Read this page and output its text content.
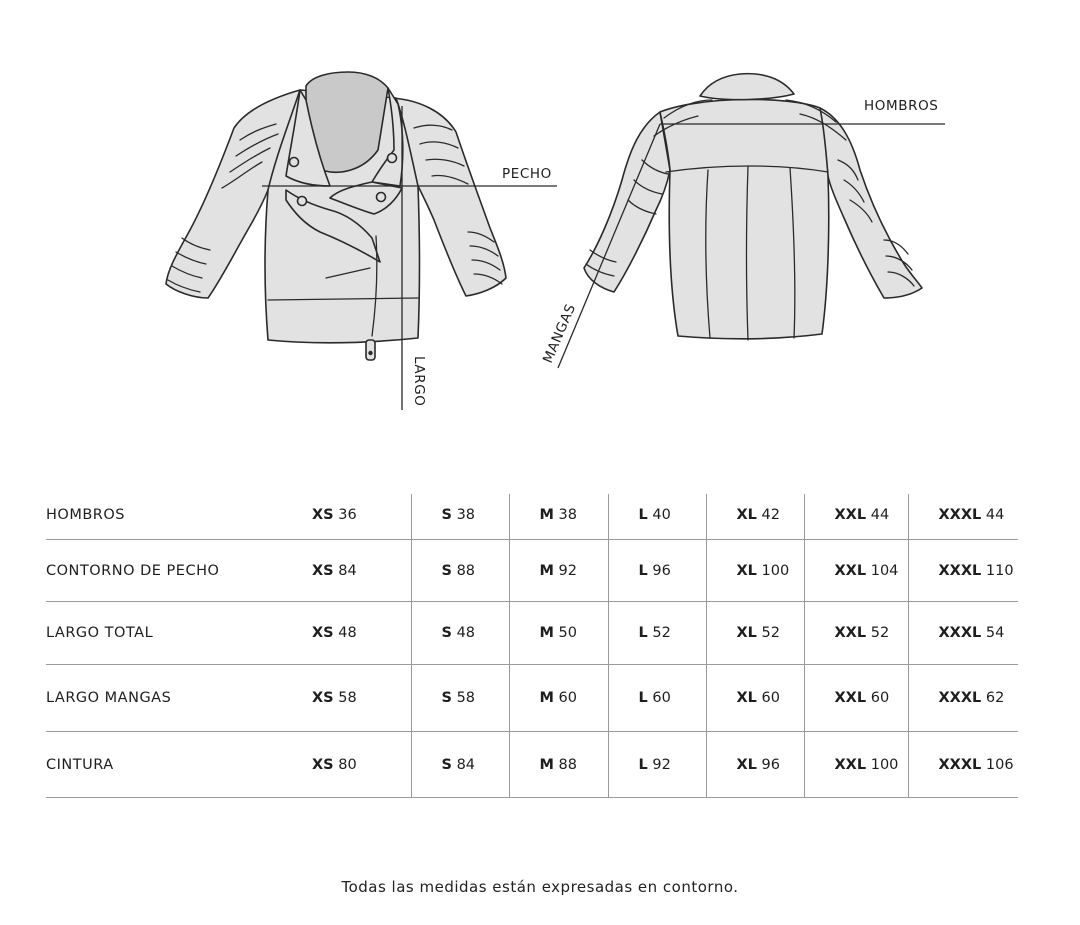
PECHO
LARGO
HOMBROS
MANGAS
HOMBROS	XS 36	S 38	M 38	L 40	XL 42	XXL 44	XXXL 44
CONTORNO DE PECHO	XS 84	S 88	M 92	L 96	XL 100	XXL 104	XXXL 110
LARGO TOTAL	XS 48	S 48	M 50	L 52	XL 52	XXL 52	XXXL 54
LARGO MANGAS	XS 58	S 58	M 60	L 60	XL 60	XXL 60	XXXL 62
CINTURA	XS 80	S 84	M 88	L 92	XL 96	XXL 100	XXXL 106
Todas las medidas están expresadas en contorno.
